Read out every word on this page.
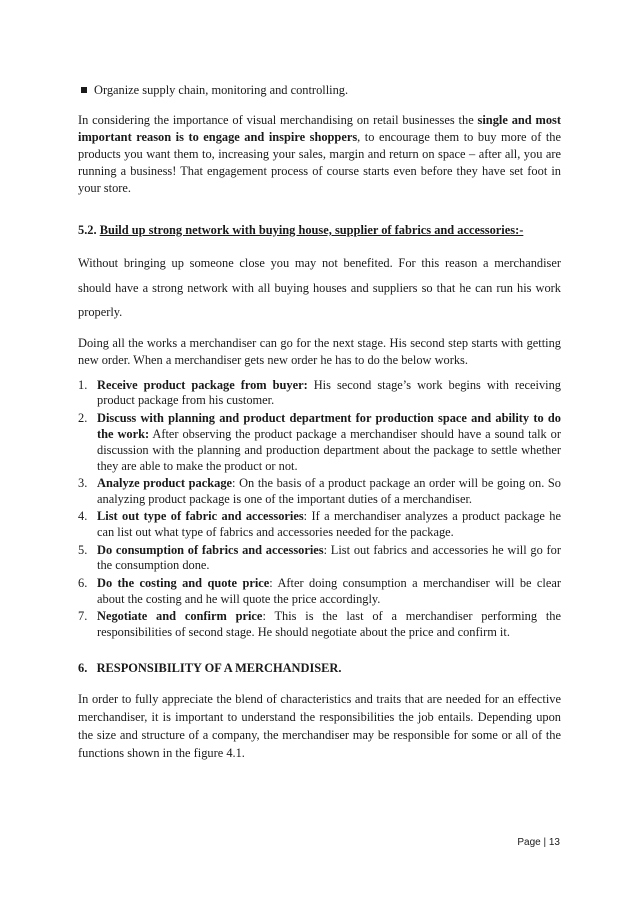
Organize supply chain, monitoring and controlling.

In considering the importance of visual merchandising on retail businesses the single and most important reason is to engage and inspire shoppers, to encourage them to buy more of the products you want them to, increasing your sales, margin and return on space – after all, you are running a business! That engagement process of course starts even before they have set foot in your store.

5.2. Build up strong network with buying house, supplier of fabrics and accessories:-

Without bringing up someone close you may not benefited. For this reason a merchandiser should have a strong network with all buying houses and suppliers so that he can run his work properly.

Doing all the works a merchandiser can go for the next stage. His second step starts with getting new order. When a merchandiser gets new order he has to do the below works.

1. Receive product package from buyer: His second stage’s work begins with receiving product package from his customer.
2. Discuss with planning and product department for production space and ability to do the work: After observing the product package a merchandiser should have a sound talk or discussion with the planning and production department about the package to settle whether they are able to make the product or not.
3. Analyze product package: On the basis of a product package an order will be going on. So analyzing product package is one of the important duties of a merchandiser.
4. List out type of fabric and accessories: If a merchandiser analyzes a product package he can list out what type of fabrics and accessories needed for the package.
5. Do consumption of fabrics and accessories: List out fabrics and accessories he will go for the consumption done.
6. Do the costing and quote price: After doing consumption a merchandiser will be clear about the costing and he will quote the price accordingly.
7. Negotiate and confirm price: This is the last of a merchandiser performing the responsibilities of second stage. He should negotiate about the price and confirm it.
6.   RESPONSIBILITY OF A MERCHANDISER.

In order to fully appreciate the blend of characteristics and traits that are needed for an effective merchandiser, it is important to understand the responsibilities the job entails. Depending upon the size and structure of a company, the merchandiser may be responsible for some or all of the functions shown in the figure 4.1.

Page | 13
